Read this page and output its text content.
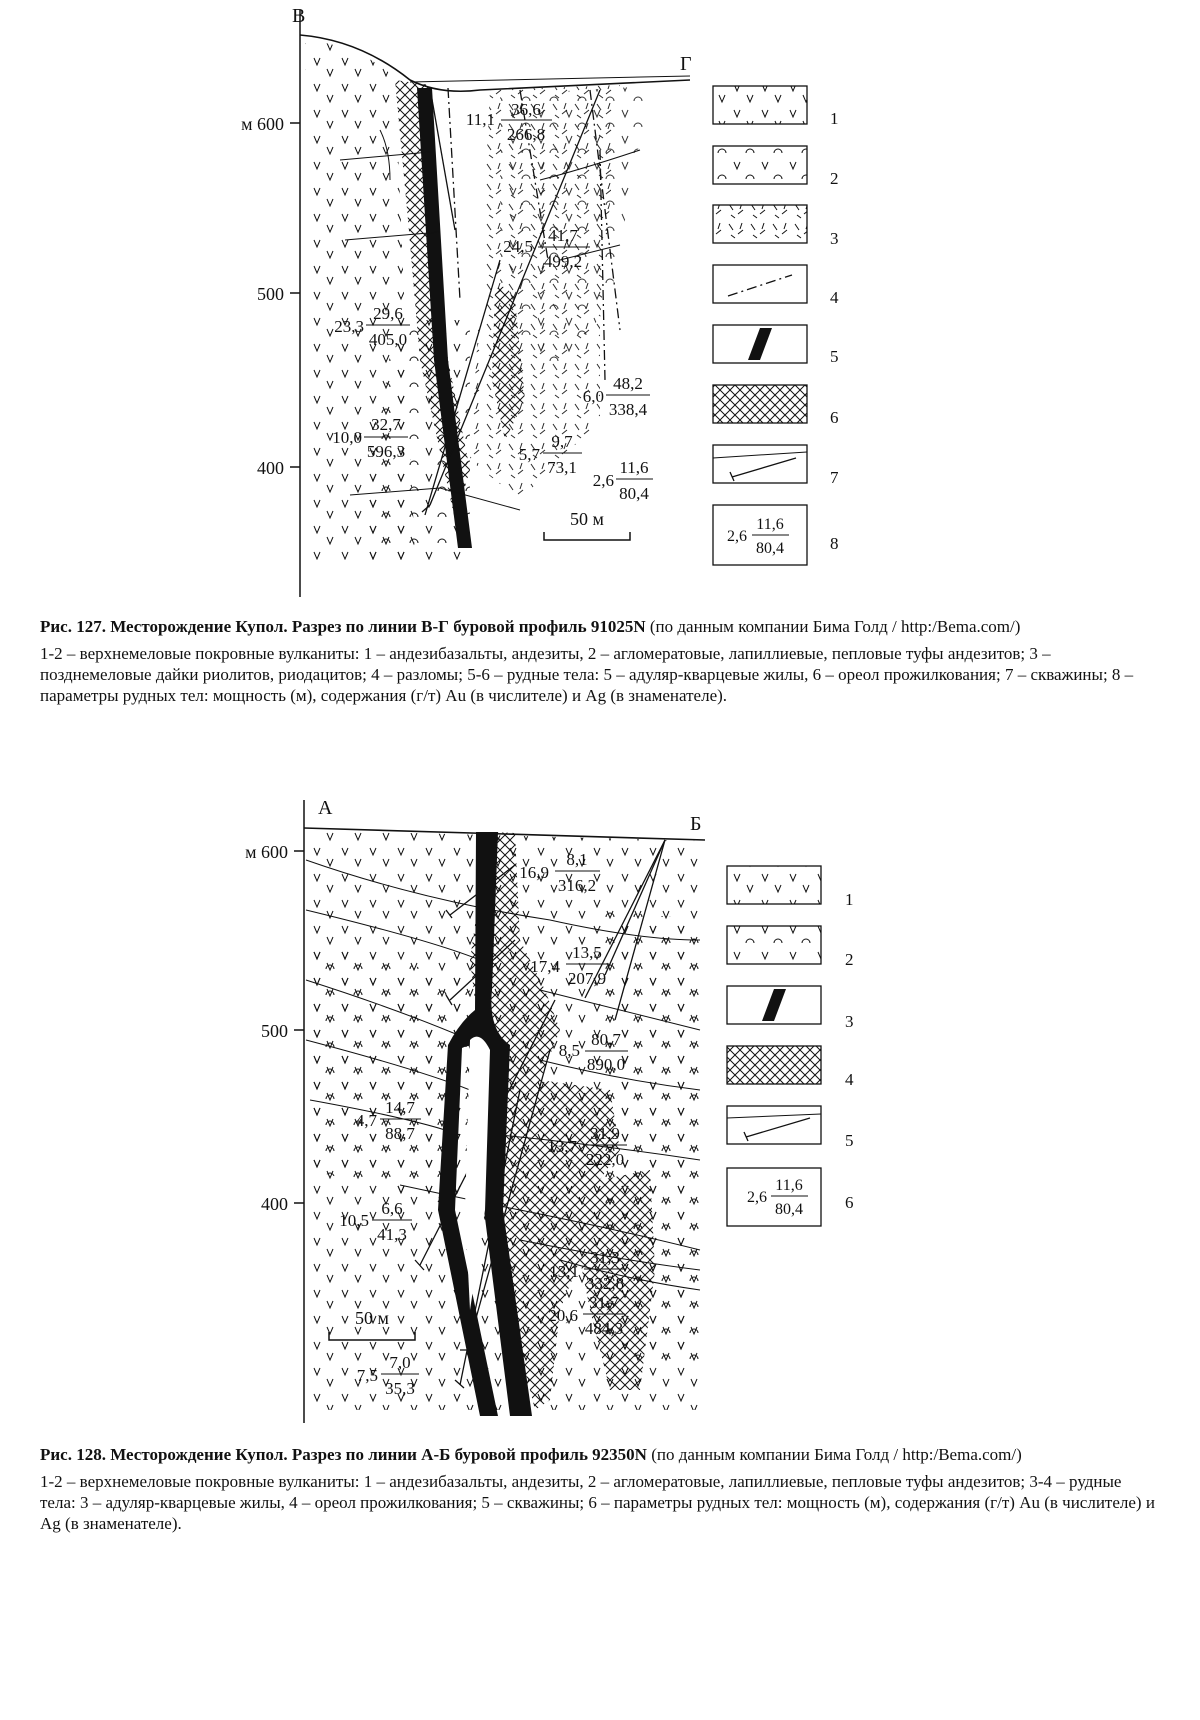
м 600
500
400
В
Г
11,1
36,6
266,8
24,5
41,7
499,2
23,3
29,6
405,0
6,0
48,2
338,4
10,0
32,7
596,3	5,7
9,7
73,1
2,6
11,6
80,4
50 м
2,6
11,6
80,4
1
2
3
4
5
6
7
8

Рис. 127. Месторождение Купол. Разрез по линии В-Г буровой профиль 91025N (по данным компании Бима Голд / http:/Bema.com/)

1-2 – верхнемеловые покровные вулканиты: 1 – андезибазальты, андезиты, 2 – агломератовые, лапиллиевые, пепловые туфы андезитов; 3 – позднемеловые дайки риолитов, риодацитов; 4 – разломы; 5-6 – рудные тела: 5 – адуляр-кварцевые жилы, 6 – ореол прожилкования; 7 – скважины; 8 – параметры рудных тел: мощность (м), содержания (г/т) Au (в числителе) и Ag (в знаменателе).

м 600
500
400
А
Б
16,9
8,1
316,2
17,4
13,5
207,9
8,5
80,7
890,0
4,7
14,7
88,7
13,7
31,9
222,0
10,5
6,6
41,3
13,1
31,3
332,8
20,6
31,7
484,3
7,5
7,0
35,3
50 м
2,6
11,6
80,4
1
2
3
4
5
6

Рис. 128. Месторождение Купол. Разрез по линии А-Б буровой профиль 92350N (по данным компании Бима Голд / http:/Bema.com/)

1-2 – верхнемеловые покровные вулканиты: 1 – андезибазальты, андезиты, 2 – агломератовые, лапиллиевые, пепловые туфы андезитов; 3-4 – рудные тела: 3 – адуляр-кварцевые жилы, 4 – ореол прожилкования; 5 – скважины; 6 – параметры рудных тел: мощность (м), содержания (г/т) Au (в числителе) и Ag (в знаменателе).
